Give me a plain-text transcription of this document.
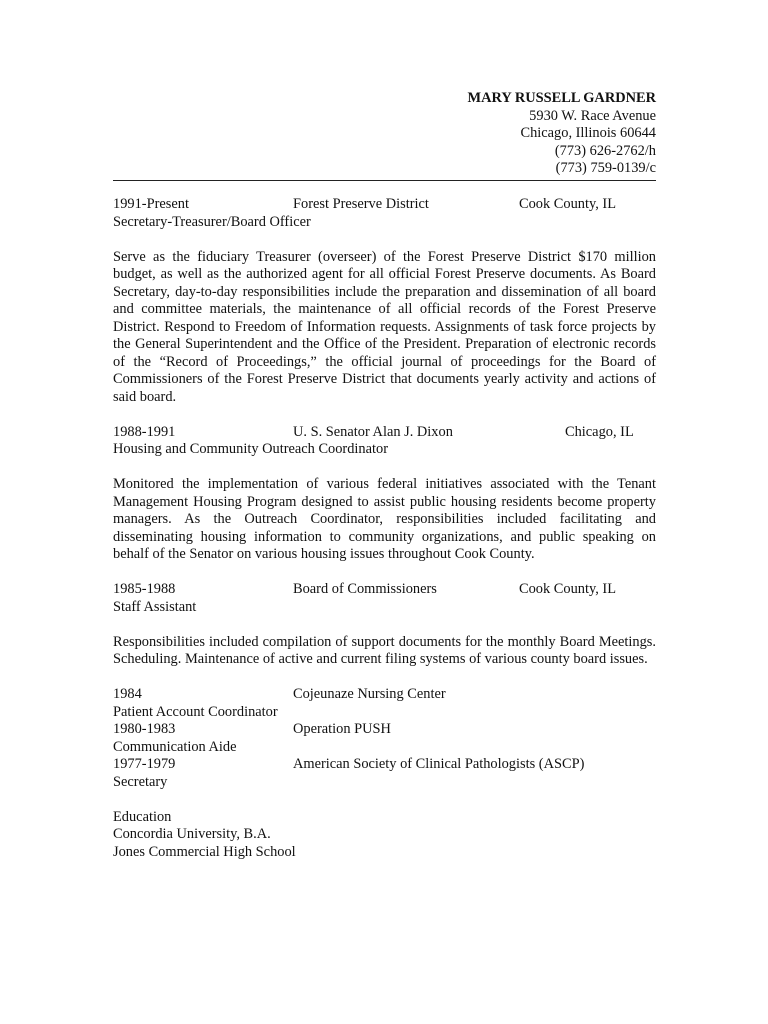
MARY RUSSELL GARDNER
5930 W. Race Avenue
Chicago, Illinois 60644
(773) 626-2762/h
(773) 759-0139/c
1991-Present	Forest Preserve District	Cook County, IL
Secretary-Treasurer/Board Officer

Serve as the fiduciary Treasurer (overseer) of the Forest Preserve District $170 million budget, as well as the authorized agent for all official Forest Preserve documents. As Board Secretary, day-to-day responsibilities include the preparation and dissemination of all board and committee materials, the maintenance of all official records of the Forest Preserve District. Respond to Freedom of Information requests. Assignments of task force projects by the General Superintendent and the Office of the President. Preparation of electronic records of the “Record of Proceedings,” the official journal of proceedings for the Board of Commissioners of the Forest Preserve District that documents yearly activity and actions of said board.

1988-1991	U. S. Senator Alan J. Dixon	Chicago, IL
Housing and Community Outreach Coordinator

Monitored the implementation of various federal initiatives associated with the Tenant Management Housing Program designed to assist public housing residents become property managers. As the Outreach Coordinator, responsibilities included facilitating and disseminating housing information to community organizations, and public speaking on behalf of the Senator on various housing issues throughout Cook County.

1985-1988	Board of Commissioners	Cook County, IL
Staff Assistant

Responsibilities included compilation of support documents for the monthly Board Meetings. Scheduling. Maintenance of active and current filing systems of various county board issues.

1984	Cojeunaze Nursing Center
Patient Account Coordinator
1980-1983	Operation PUSH
Communication Aide
1977-1979	American Society of Clinical Pathologists (ASCP)
Secretary
Education
Concordia University, B.A.
Jones Commercial High School
